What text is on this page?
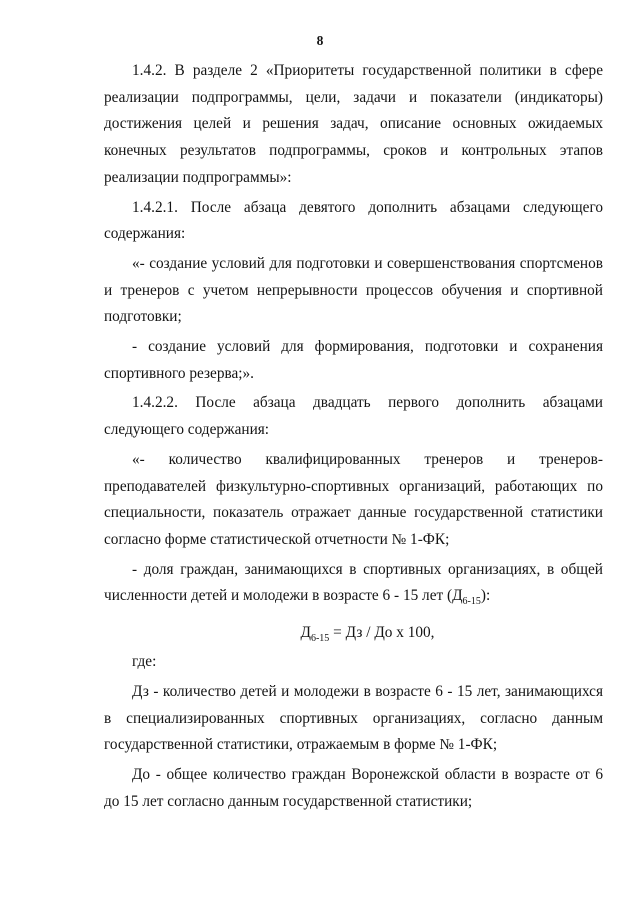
8

1.4.2. В разделе 2 «Приоритеты государственной политики в сфере реализации подпрограммы, цели, задачи и показатели (индикаторы) достижения целей и решения задач, описание основных ожидаемых конечных результатов подпрограммы, сроков и контрольных этапов реализации подпрограммы»:

1.4.2.1. После абзаца девятого дополнить абзацами следующего содержания:

«- создание условий для подготовки и совершенствования спортсменов и тренеров с учетом непрерывности процессов обучения и спортивной подготовки;

- создание условий для формирования, подготовки и сохранения спортивного резерва;».

1.4.2.2. После абзаца двадцать первого дополнить абзацами следующего содержания:

«- количество квалифицированных тренеров и тренеров-преподавателей физкультурно-спортивных организаций, работающих по специальности, показатель отражает данные государственной статистики согласно форме статистической отчетности № 1-ФК;

- доля граждан, занимающихся в спортивных организациях, в общей численности детей и молодежи в возрасте 6 - 15 лет $(Д_{6-15})$:

$Д_{6-15}$ = Дз / До х 100,

где:

Дз - количество детей и молодежи в возрасте 6 - 15 лет, занимающихся в специализированных спортивных организациях, согласно данным государственной статистики, отражаемым в форме № 1-ФК;

До - общее количество граждан Воронежской области в возрасте от 6 до 15 лет согласно данным государственной статистики;
